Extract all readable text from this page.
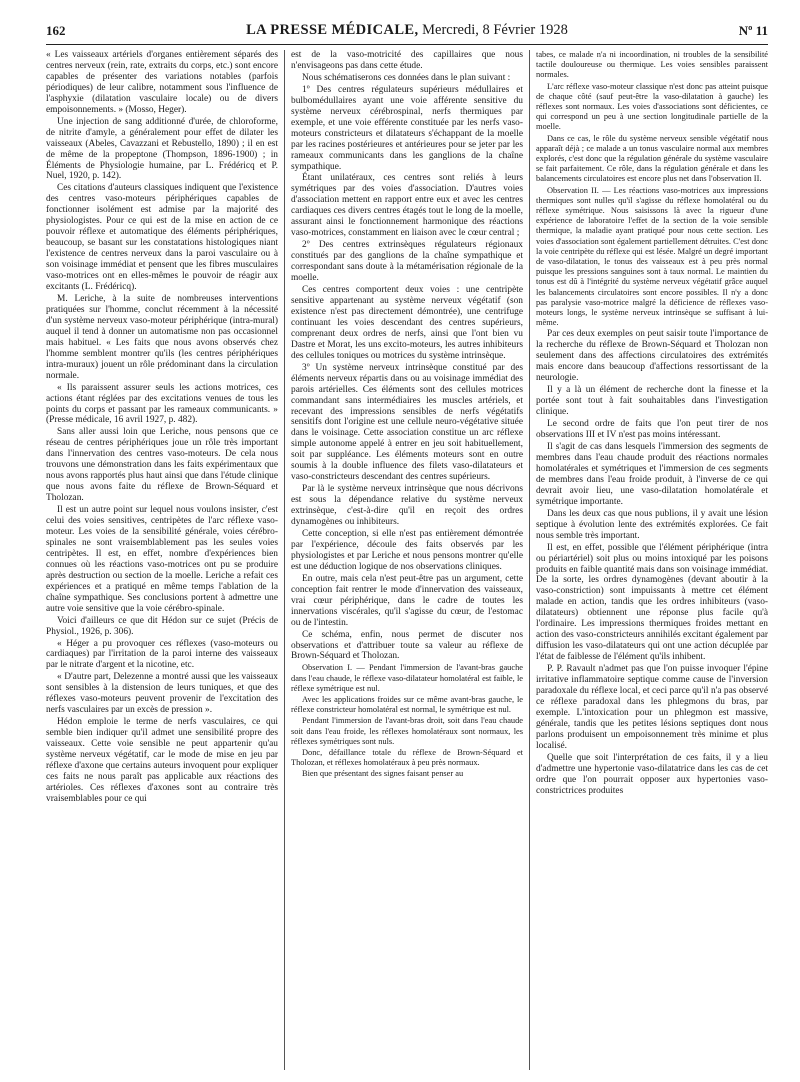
162	LA PRESSE MÉDICALE, Mercredi, 8 Février 1928	Nº 11

« Les vaisseaux artériels d'organes entièrement séparés des centres nerveux (rein, rate, extraits du corps, etc.) sont encore capables de présenter des variations notables (parfois périodiques) de leur calibre, notamment sous l'influence de l'asphyxie (dilatation vasculaire locale) ou de divers empoisonnements. » (Mosso, Heger).

Une injection de sang additionné d'urée, de chloroforme, de nitrite d'amyle, a généralement pour effet de dilater les vaisseaux (Abeles, Cavazzani et Rebustello, 1890) ; il en est de même de la propeptone (Thompson, 1896-1900) ; in Éléments de Physiologie humaine, par L. Frédéricq et P. Nuel, 1920, p. 142).

Ces citations d'auteurs classiques indiquent que l'existence des centres vaso-moteurs périphériques capables de fonctionner isolément est admise par la majorité des physiologistes. Pour ce qui est de la mise en action de ce pouvoir réflexe et automatique des éléments périphériques, beaucoup, se basant sur les constatations histologiques niant l'existence de centres nerveux dans la paroi vasculaire ou à son voisinage immédiat et pensent que les fibres musculaires vaso-motrices ont en elles-mêmes le pouvoir de réagir aux excitants (L. Frédéricq).

M. Leriche, à la suite de nombreuses interventions pratiquées sur l'homme, conclut récemment à la nécessité d'un système nerveux vaso-moteur périphérique (intra-mural) auquel il tend à donner un automatisme non pas occasionnel mais habituel. « Les faits que nous avons observés chez l'homme semblent montrer qu'ils (les centres périphériques intra-muraux) jouent un rôle prédominant dans la circulation normale.

« Ils paraissent assurer seuls les actions motrices, ces actions étant réglées par des excitations venues de tous les points du corps et passant par les rameaux communicants. » (Presse médicale, 16 avril 1927, p. 482).

Sans aller aussi loin que Leriche, nous pensons que ce réseau de centres périphériques joue un rôle très important dans l'innervation des centres vaso-moteurs. De cela nous trouvons une démonstration dans les faits expérimentaux que nous avons rapportés plus haut ainsi que dans l'étude clinique que nous avons faite du réflexe de Brown-Séquard et Tholozan.

Il est un autre point sur lequel nous voulons insister, c'est celui des voies sensitives, centripètes de l'arc réflexe vaso-moteur. Les voies de la sensibilité générale, voies cérébro-spinales ne sont vraisemblablement pas les seules voies centripètes. Il est, en effet, nombre d'expériences bien connues où les réactions vaso-motrices ont pu se produire après destruction ou section de la moelle. Leriche a refait ces expériences et a pratiqué en même temps l'ablation de la chaîne sympathique. Ses conclusions portent à admettre une autre voie sensitive que la voie cérébro-spinale.

Voici d'ailleurs ce que dit Hédon sur ce sujet (Précis de Physiol., 1926, p. 306).

« Héger a pu provoquer ces réflexes (vaso-moteurs ou cardiaques) par l'irritation de la paroi interne des vaisseaux par le nitrate d'argent et la nicotine, etc.

« D'autre part, Delezenne a montré aussi que les vaisseaux sont sensibles à la distension de leurs tuniques, et que des réflexes vaso-moteurs peuvent provenir de l'excitation des nerfs vasculaires par un excès de pression ».

Hédon emploie le terme de nerfs vasculaires, ce qui semble bien indiquer qu'il admet une sensibilité propre des vaisseaux. Cette voie sensible ne peut appartenir qu'au système nerveux végétatif, car le mode de mise en jeu par réflexe d'axone que certains auteurs invoquent pour expliquer ces faits ne nous paraît pas applicable aux réactions des artérioles. Ces réflexes d'axones sont au contraire très vraisemblables pour ce qui

est de la vaso-motricité des capillaires que nous n'envisageons pas dans cette étude.

Nous schématiserons ces données dans le plan suivant :

1º Des centres régulateurs supérieurs médullaires et bulbomédullaires ayant une voie afférente sensitive du système nerveux cérébrospinal, nerfs thermiques par exemple, et une voie efférente constituée par les nerfs vaso-moteurs constricteurs et dilatateurs s'échappant de la moelle par les racines postérieures et antérieures pour se jeter par les rameaux communicants dans les ganglions de la chaîne sympathique.

Étant unilatéraux, ces centres sont reliés à leurs symétriques par des voies d'association. D'autres voies d'association mettent en rapport entre eux et avec les centres cardiaques ces divers centres étagés tout le long de la moelle, assurant ainsi le fonctionnement harmonique des réactions vaso-motrices, constamment en liaison avec le cœur central ;

2º Des centres extrinsèques régulateurs régionaux constitués par des ganglions de la chaîne sympathique et correspondant sans doute à la métamérisation régionale de la moelle.

Ces centres comportent deux voies : une centripète sensitive appartenant au système nerveux végétatif (son existence n'est pas directement démontrée), une centrifuge continuant les voies descendant des centres supérieurs, comprenant deux ordres de nerfs, ainsi que l'ont bien vu Dastre et Morat, les uns excito-moteurs, les autres inhibiteurs des cellules toniques ou motrices du système intrinsèque.

3º Un système nerveux intrinsèque constitué par des éléments nerveux répartis dans ou au voisinage immédiat des parois artérielles. Ces éléments sont des cellules motrices commandant sans intermédiaires les muscles artériels, et recevant des impressions sensibles de nerfs végétatifs sensitifs dont l'origine est une cellule neuro-végétative située dans le voisinage. Cette association constitue un arc réflexe simple autonome appelé à entrer en jeu soit habituellement, soit par suppléance. Les éléments moteurs sont en outre soumis à la double influence des filets vaso-dilatateurs et vaso-constricteurs descendant des centres supérieurs.

Par là le système nerveux intrinsèque que nous décrivons est sous la dépendance relative du système nerveux extrinsèque, c'est-à-dire qu'il en reçoit des ordres dynamogènes ou inhibiteurs.

Cette conception, si elle n'est pas entièrement démontrée par l'expérience, découle des faits observés par les physiologistes et par Leriche et nous pensons montrer qu'elle est une déduction logique de nos observations cliniques.

En outre, mais cela n'est peut-être pas un argument, cette conception fait rentrer le mode d'innervation des vaisseaux, vrai cœur périphérique, dans le cadre de toutes les innervations viscérales, qu'il s'agisse du cœur, de l'estomac ou de l'intestin.

Ce schéma, enfin, nous permet de discuter nos observations et d'attribuer toute sa valeur au réflexe de Brown-Séquard et Tholozan.

Observation I. — Pendant l'immersion de l'avant-bras gauche dans l'eau chaude, le réflexe vaso-dilatateur homolatéral est faible, le réflexe symétrique est nul.

Avec les applications froides sur ce même avant-bras gauche, le réflexe constricteur homolatéral est normal, le symétrique est nul.

Pendant l'immersion de l'avant-bras droit, soit dans l'eau chaude soit dans l'eau froide, les réflexes homolatéraux sont normaux, les réflexes symétriques sont nuls.

Donc, défaillance totale du réflexe de Brown-Séquard et Tholozan, et réflexes homolatéraux à peu près normaux.

Bien que présentant des signes faisant penser au

tabes, ce malade n'a ni incoordination, ni troubles de la sensibilité tactile douloureuse ou thermique. Les voies sensibles paraissent normales.

L'arc réflexe vaso-moteur classique n'est donc pas atteint puisque de chaque côté (sauf peut-être la vaso-dilatation à gauche) les réflexes sont normaux. Les voies d'associations sont déficientes, ce qui correspond un peu à une section longitudinale partielle de la moelle.

Dans ce cas, le rôle du système nerveux sensible végétatif nous apparaît déjà ; ce malade a un tonus vasculaire normal aux membres explorés, c'est donc que la régulation générale du système vasculaire se fait parfaitement. Ce rôle, dans la régulation générale et dans les balancements circulatoires est encore plus net dans l'observation II.

Observation II. — Les réactions vaso-motrices aux impressions thermiques sont nulles qu'il s'agisse du réflexe homolatéral ou du réflexe symétrique. Nous saisissons là avec la rigueur d'une expérience de laboratoire l'effet de la section de la voie sensible thermique, la maladie ayant pratiqué pour nous cette section. Les voies d'association sont également partiellement détruites. C'est donc la voie centripète du réflexe qui est lésée. Malgré un degré important de vaso-dilatation, le tonus des vaisseaux est à peu près normal puisque les pressions sanguines sont à taux normal. Le maintien du tonus est dû à l'intégrité du système nerveux végétatif grâce auquel les balancements circulatoires sont encore possibles. Il n'y a donc pas paralysie vaso-motrice malgré la déficience de réflexes vaso-moteurs longs, le système nerveux intrinsèque se suffisant à lui-même.

Par ces deux exemples on peut saisir toute l'importance de la recherche du réflexe de Brown-Séquard et Tholozan non seulement dans des affections circulatoires des extrémités mais encore dans beaucoup d'affections ressortissant de la neurologie.

Il y a là un élément de recherche dont la finesse et la portée sont tout à fait souhaitables dans l'investigation clinique.

Le second ordre de faits que l'on peut tirer de nos observations III et IV n'est pas moins intéressant.

Il s'agit de cas dans lesquels l'immersion des segments de membres dans l'eau chaude produit des réactions normales homolatérales et symétriques et l'immersion de ces segments de membres dans l'eau froide produit, à l'inverse de ce qui devrait avoir lieu, une vaso-dilatation homolatérale et symétrique importante.

Dans les deux cas que nous publions, il y avait une lésion septique à évolution lente des extrémités explorées. Ce fait nous semble très important.

Il est, en effet, possible que l'élément périphérique (intra ou périartériel) soit plus ou moins intoxiqué par les poisons produits en faible quantité mais dans son voisinage immédiat. De la sorte, les ordres dynamogènes (devant aboutir à la vaso-constriction) sont impuissants à mettre cet élément malade en action, tandis que les ordres inhibiteurs (vaso-dilatateurs) obtiennent une réponse plus facile qu'à l'ordinaire. Les impressions thermiques froides mettant en action des vaso-constricteurs annihilés excitant également par diffusion les vaso-dilatateurs qui ont une action décuplée par l'état de faiblesse de l'élément qu'ils inhibent.

P. P. Ravault n'admet pas que l'on puisse invoquer l'épine irritative inflammatoire septique comme cause de l'inversion paradoxale du réflexe local, et ceci parce qu'il n'a pas observé ce réflexe paradoxal dans les phlegmons du bras, par exemple. L'intoxication pour un phlegmon est massive, générale, tandis que les petites lésions septiques dont nous parlons produisent un empoisonnement très minime et plus localisé.

Quelle que soit l'interprétation de ces faits, il y a lieu d'admettre une hypertonie vaso-dilatatrice dans les cas de cet ordre que l'on pourrait opposer aux hypertonies vaso-constrictrices produites
